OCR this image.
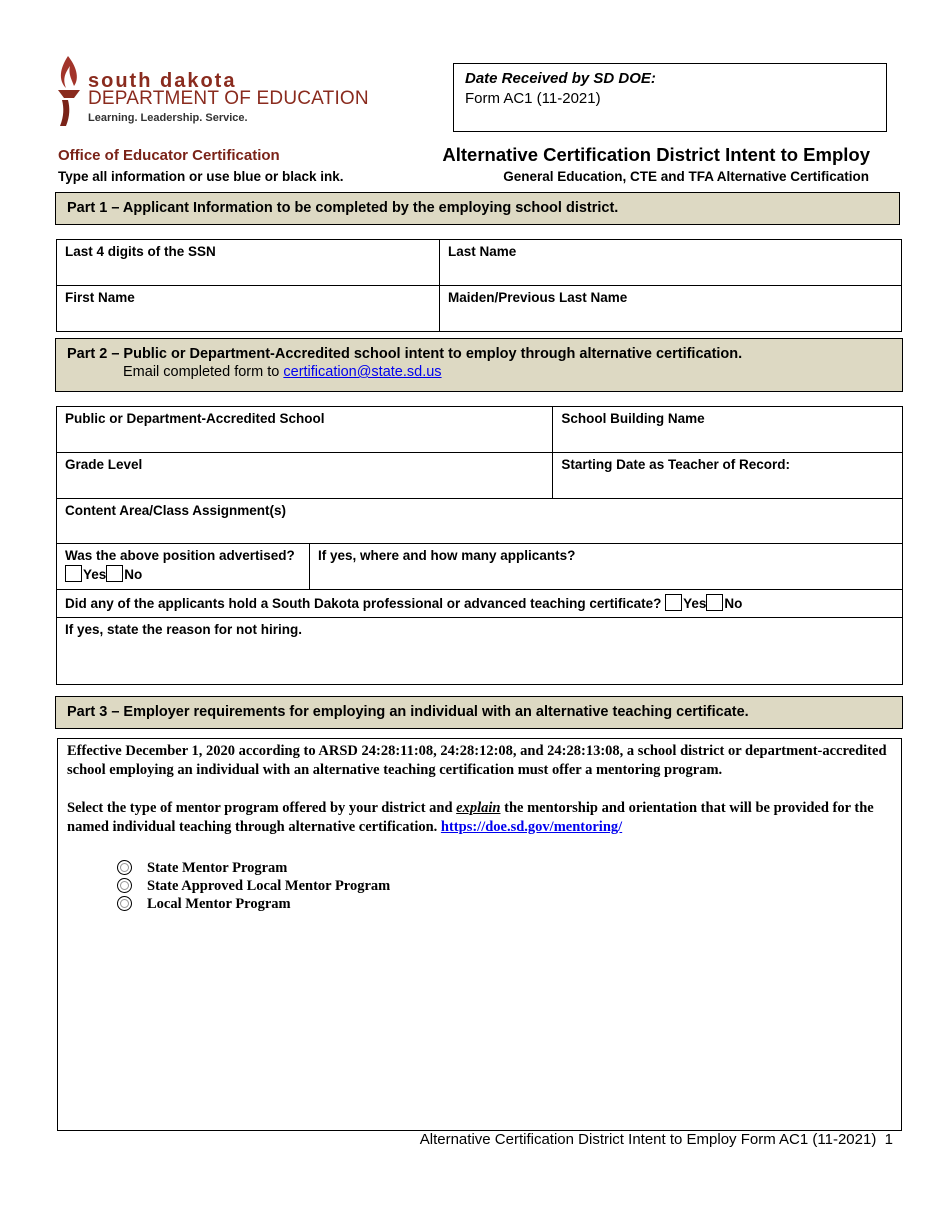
south dakota
DEPARTMENT OF EDUCATION
Learning. Leadership. Service.
Date Received by SD DOE:
Form AC1 (11-2021)
Office of Educator Certification
Type all information or use blue or black ink.
Alternative Certification District Intent to Employ
General Education, CTE and TFA Alternative Certification
Part 1 – Applicant Information to be completed by the employing school district.
Last 4 digits of the SSN	Last Name
First Name	Maiden/Previous Last Name
Part 2 – Public or Department-Accredited school intent to employ through alternative certification.
Email completed form to certification@state.sd.us
Public or Department-Accredited School		School Building Name
Grade Level		Starting Date as Teacher of Record:
Content Area/Class Assignment(s)		

Was the above position advertised?
Yes No	If yes, where and how many applicants?	
Did any of the applicants hold a South Dakota professional or advanced teaching certificate? Yes No		
If yes, state the reason for not hiring.		
Part 3 – Employer requirements for employing an individual with an alternative teaching certificate.

Effective December 1, 2020 according to ARSD 24:28:11:08, 24:28:12:08, and 24:28:13:08, a school district or department-accredited school employing an individual with an alternative teaching certification must offer a mentoring program.

Select the type of mentor program offered by your district and explain the mentorship and orientation that will be provided for the named individual teaching through alternative certification. https://doe.sd.gov/mentoring/

State Mentor Program
State Approved Local Mentor Program
Local Mentor Program
Alternative Certification District Intent to Employ Form AC1 (11-2021) 1
